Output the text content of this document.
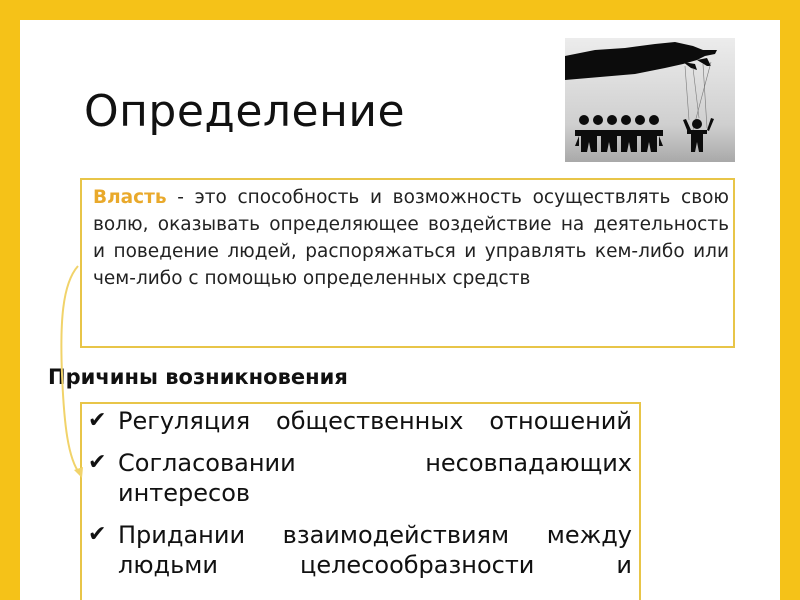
Определение
Власть - это способность и возможность осуществлять свою волю, оказывать определяющее воздействие на деятельность и поведение людей, распоряжаться и управлять кем-либо или чем-либо с помощью определенных средств
Причины возникновения
✔ Регуляция общественных отношений
✔ Согласовании несовпадающих интересов
✔ Придании взаимодействиям между людьми целесообразности и
